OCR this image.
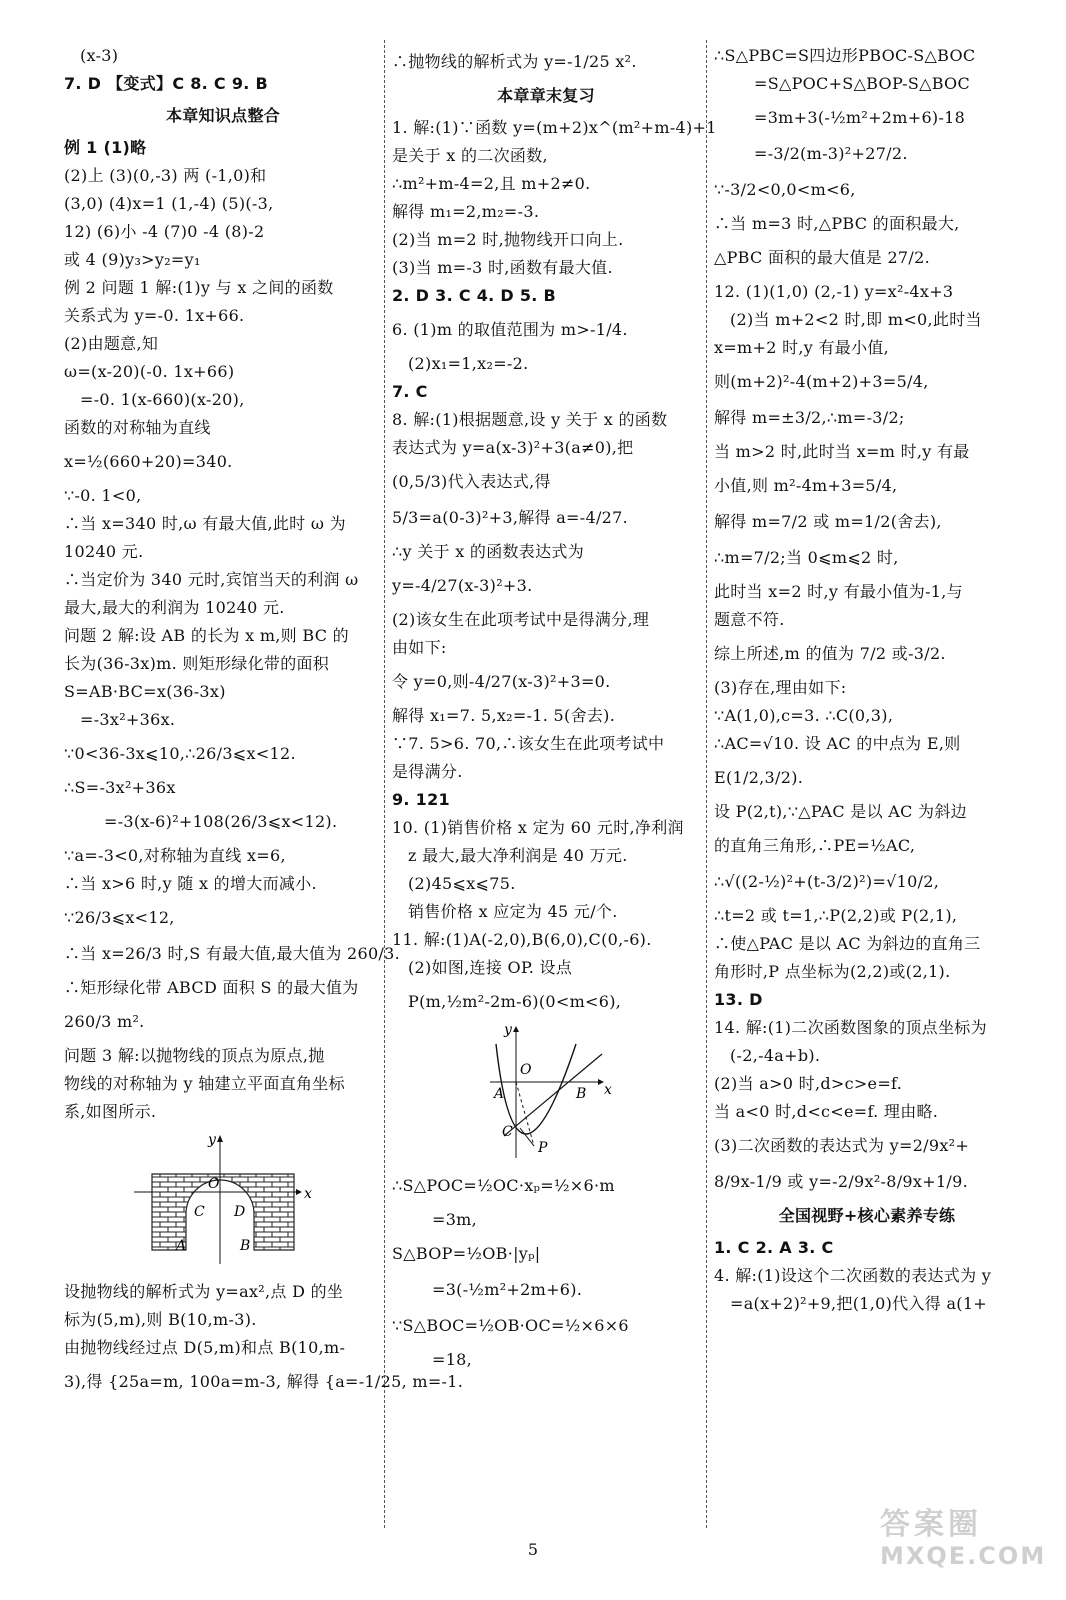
(x-3)
7. D 【变式】C 8. C 9. B
本章知识点整合
例 1 (1)略
(2)上 (3)(0,-3) 两 (-1,0)和
(3,0) (4)x=1 (1,-4) (5)(-3,
12) (6)小 -4 (7)0 -4 (8)-2
或 4 (9)y₃>y₂=y₁
例 2 问题 1 解:(1)y 与 x 之间的函数
关系式为 y=-0. 1x+66.
(2)由题意,知
ω=(x-20)(-0. 1x+66)
=-0. 1(x-660)(x-20),
函数的对称轴为直线
x=½(660+20)=340.
∵-0. 1<0,
∴当 x=340 时,ω 有最大值,此时 ω 为
10240 元.
∴当定价为 340 元时,宾馆当天的利润 ω
最大,最大的利润为 10240 元.
问题 2 解:设 AB 的长为 x m,则 BC 的
长为(36-3x)m. 则矩形绿化带的面积
S=AB·BC=x(36-3x)
=-3x²+36x.
∵0<36-3x⩽10,∴26/3⩽x<12.
∴S=-3x²+36x
=-3(x-6)²+108(26/3⩽x<12).
∵a=-3<0,对称轴为直线 x=6,
∴当 x>6 时,y 随 x 的增大而减小.
∵26/3⩽x<12,
∴当 x=26/3 时,S 有最大值,最大值为 260/3.
∴矩形绿化带 ABCD 面积 S 的最大值为
260/3 m².
问题 3 解:以抛物线的顶点为原点,抛
物线的对称轴为 y 轴建立平面直角坐标
系,如图所示.
y
x
O
C D
A	B
设抛物线的解析式为 y=ax²,点 D 的坐
标为(5,m),则 B(10,m-3).
由抛物线经过点 D(5,m)和点 B(10,m-
3),得 {25a=m, 100a=m-3, 解得 {a=-1/25, m=-1.
∴抛物线的解析式为 y=-1/25 x².
本章章末复习
1. 解:(1)∵函数 y=(m+2)x^(m²+m-4)+1
是关于 x 的二次函数,
∴m²+m-4=2,且 m+2≠0.
解得 m₁=2,m₂=-3.
(2)当 m=2 时,抛物线开口向上.
(3)当 m=-3 时,函数有最大值.
2. D 3. C 4. D 5. B
6. (1)m 的取值范围为 m>-1/4.
(2)x₁=1,x₂=-2.
7. C
8. 解:(1)根据题意,设 y 关于 x 的函数
表达式为 y=a(x-3)²+3(a≠0),把
(0,5/3)代入表达式,得
5/3=a(0-3)²+3,解得 a=-4/27.
∴y 关于 x 的函数表达式为
y=-4/27(x-3)²+3.
(2)该女生在此项考试中是得满分,理
由如下:
令 y=0,则-4/27(x-3)²+3=0.
解得 x₁=7. 5,x₂=-1. 5(舍去).
∵7. 5>6. 70,∴该女生在此项考试中
是得满分.
9. 121
10. (1)销售价格 x 定为 60 元时,净利润
z 最大,最大净利润是 40 万元.
(2)45⩽x⩽75.
销售价格 x 应定为 45 元/个.
11. 解:(1)A(-2,0),B(6,0),C(0,-6).
(2)如图,连接 OP. 设点
P(m,½m²-2m-6)(0<m<6),
y
x
O
A	B
C
P
∴S△POC=½OC·xₚ=½×6·m
=3m,
S△BOP=½OB·|yₚ|
=3(-½m²+2m+6).
∵S△BOC=½OB·OC=½×6×6
=18,
∴S△PBC=S四边形PBOC-S△BOC
=S△POC+S△BOP-S△BOC
=3m+3(-½m²+2m+6)-18
=-3/2(m-3)²+27/2.
∵-3/2<0,0<m<6,
∴当 m=3 时,△PBC 的面积最大,
△PBC 面积的最大值是 27/2.
12. (1)(1,0) (2,-1) y=x²-4x+3
(2)当 m+2<2 时,即 m<0,此时当
x=m+2 时,y 有最小值,
则(m+2)²-4(m+2)+3=5/4,
解得 m=±3/2,∴m=-3/2;
当 m>2 时,此时当 x=m 时,y 有最
小值,则 m²-4m+3=5/4,
解得 m=7/2 或 m=1/2(舍去),
∴m=7/2;当 0⩽m⩽2 时,
此时当 x=2 时,y 有最小值为-1,与
题意不符.
综上所述,m 的值为 7/2 或-3/2.
(3)存在,理由如下:
∵A(1,0),c=3. ∴C(0,3),
∴AC=√10. 设 AC 的中点为 E,则
E(1/2,3/2).
设 P(2,t),∵△PAC 是以 AC 为斜边
的直角三角形,∴PE=½AC,
∴√((2-½)²+(t-3/2)²)=√10/2,
∴t=2 或 t=1,∴P(2,2)或 P(2,1),
∴使△PAC 是以 AC 为斜边的直角三
角形时,P 点坐标为(2,2)或(2,1).
13. D
14. 解:(1)二次函数图象的顶点坐标为
(-2,-4a+b).
(2)当 a>0 时,d>c>e=f.
当 a<0 时,d<c<e=f. 理由略.
(3)二次函数的表达式为 y=2/9x²+
8/9x-1/9 或 y=-2/9x²-8/9x+1/9.
全国视野+核心素养专练
1. C 2. A 3. C
4. 解:(1)设这个二次函数的表达式为 y
=a(x+2)²+9,把(1,0)代入得 a(1+
5
答案圈
MXQE.COM
